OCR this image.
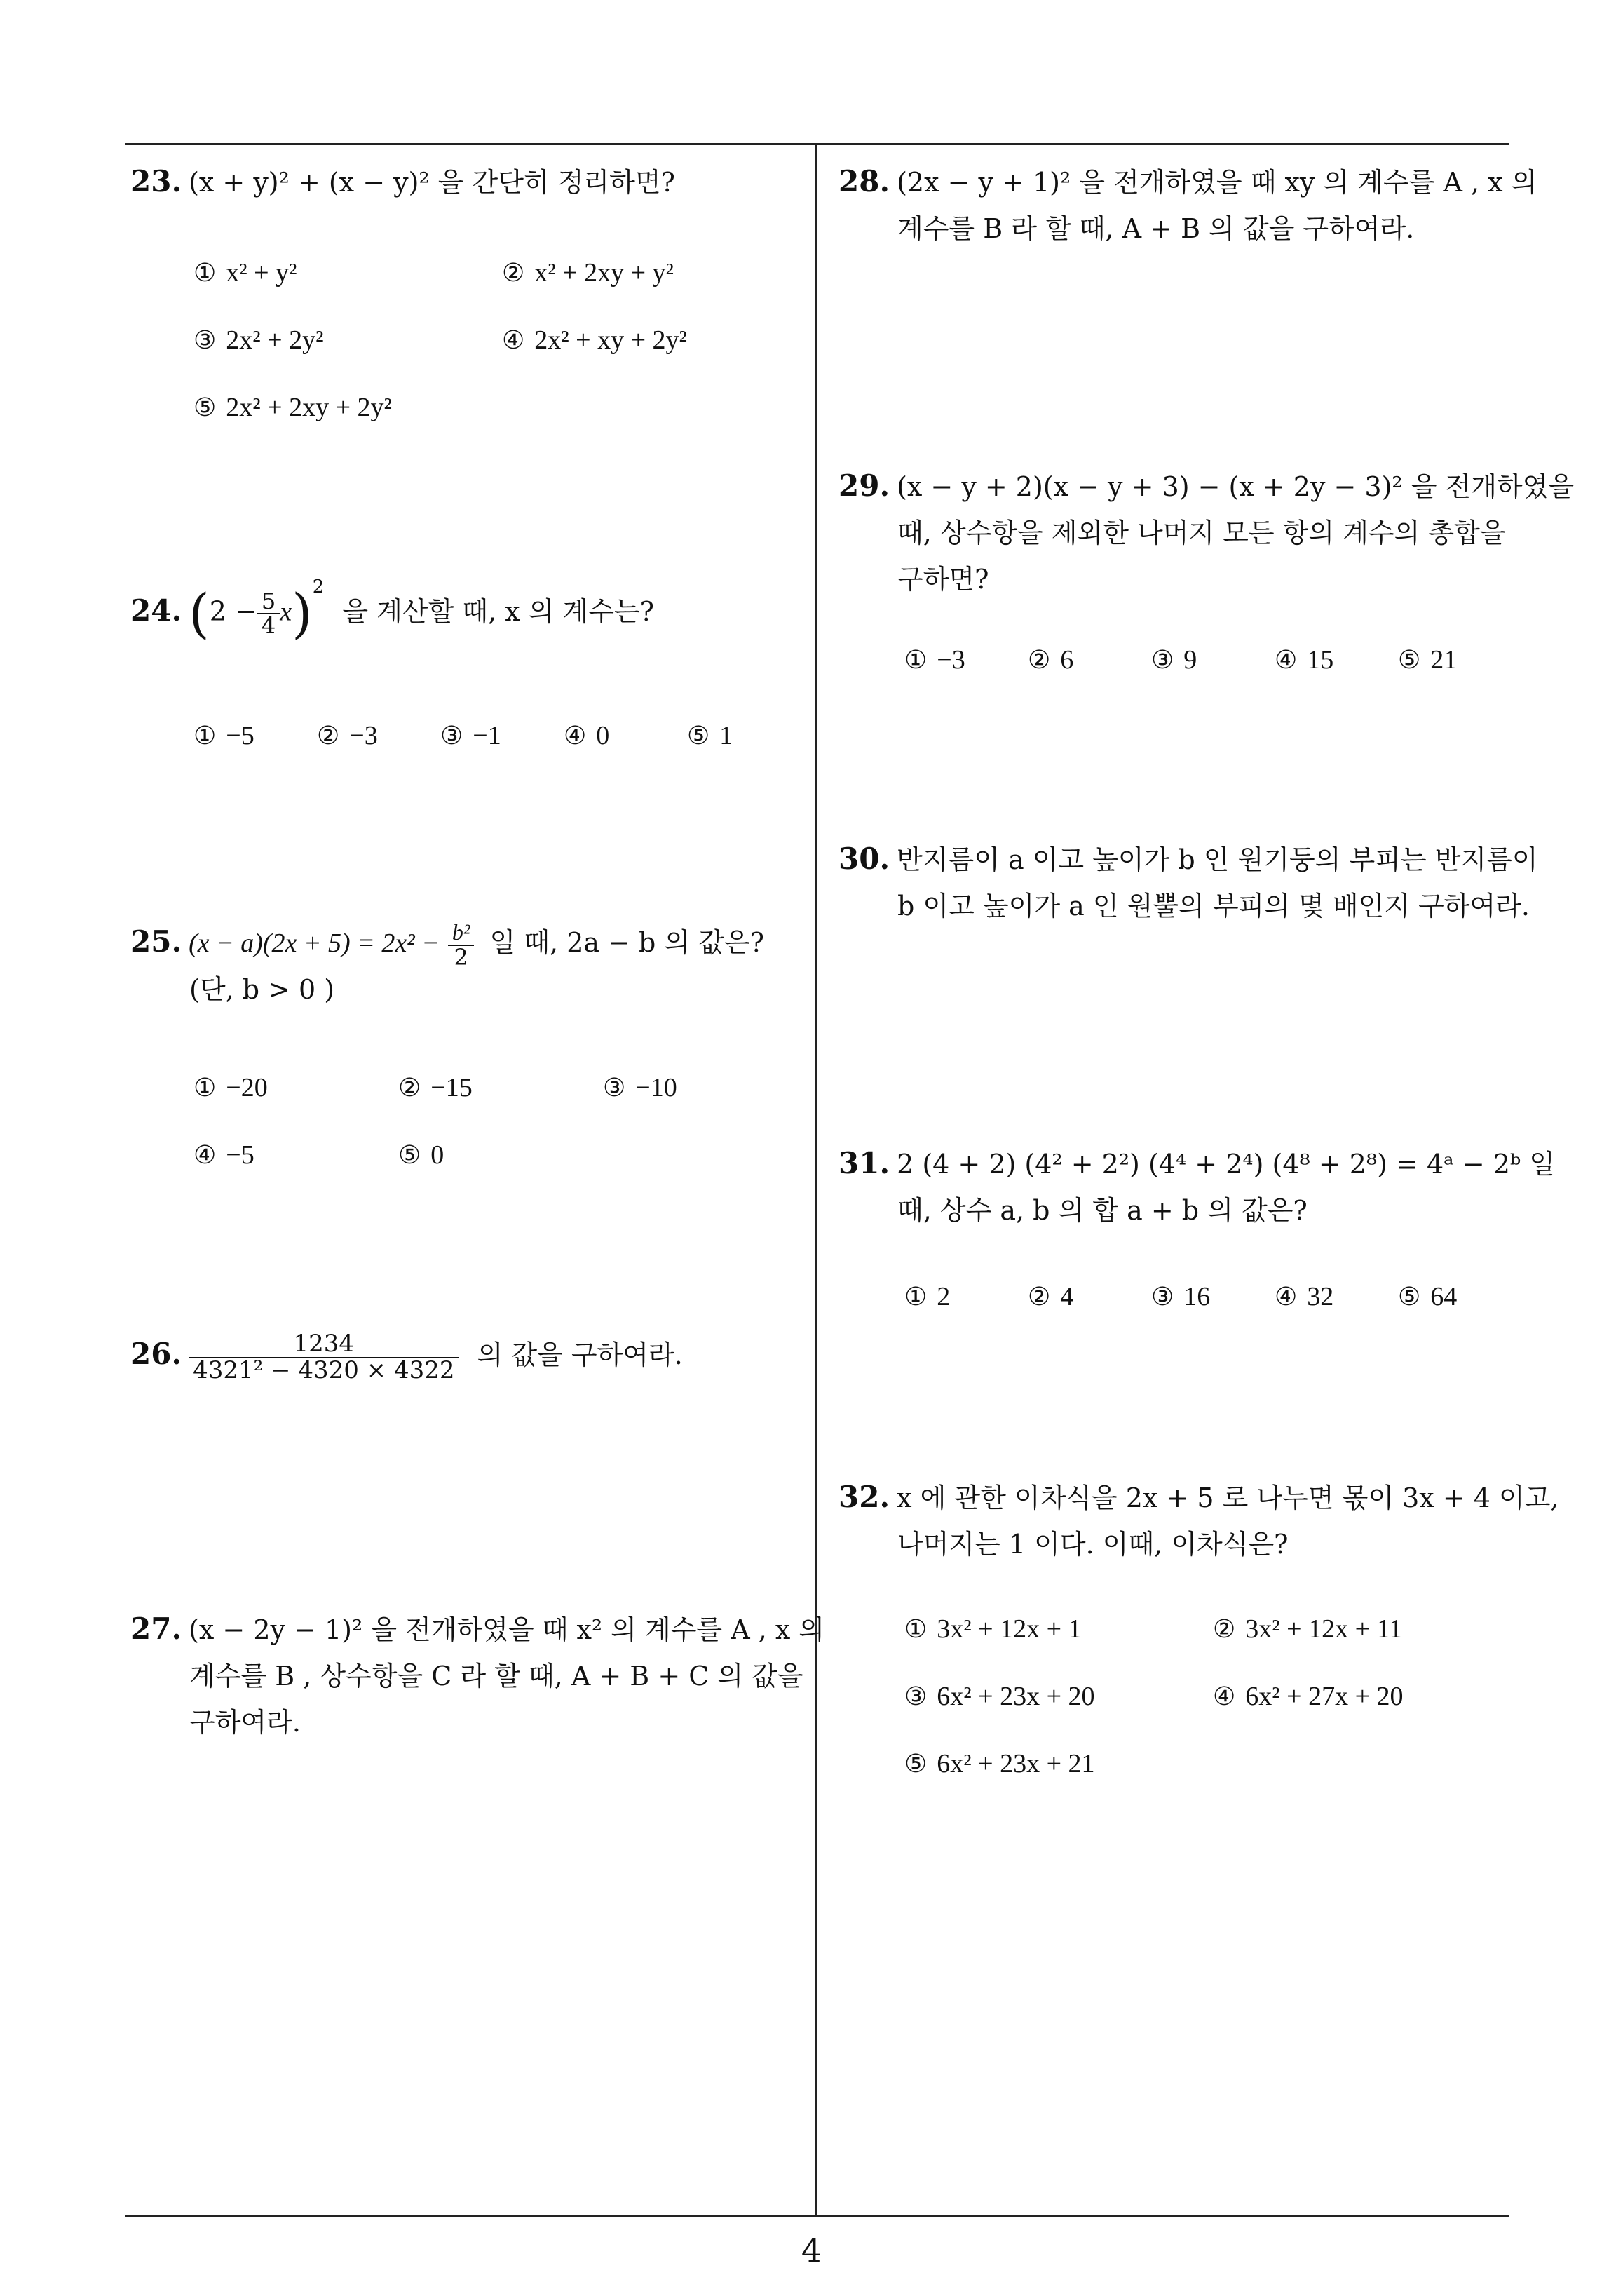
23. (x + y)² + (x − y)² 을 간단히 정리하면?
① x² + y²	② x² + 2xy + y²
③ 2x² + 2y²	④ 2x² + xy + 2y²
⑤ 2x² + 2xy + 2y²
24. $(2 - \frac{5}{4} x)^2$ 을 계산할 때, x 의 계수는?
① −5 ② −3 ③ −1 ④ 0	⑤ 1
25. $(x - a)(2x + 5) = 2x^2 - \frac{\text{b²}}{2}$ 일 때, 2a − b 의 값은?
(단, b > 0 )
① −20	② −15	③ −10
④ −5	⑤ 0
26. $\frac{1234}{\text{4321² − 4320 × 4322}}$ 의 값을 구하여라.
27. (x − 2y − 1)² 을 전개하였을 때 x² 의 계수를 A , x 의
계수를 B , 상수항을 C 라 할 때, A + B + C 의 값을
구하여라.
28. (2x − y + 1)² 을 전개하였을 때 xy 의 계수를 A , x 의
계수를 B 라 할 때, A + B 의 값을 구하여라.
29. (x − y + 2)(x − y + 3) − (x + 2y − 3)² 을 전개하였을
때, 상수항을 제외한 나머지 모든 항의 계수의 총합을
구하면?
① −3 ② 6	③ 9	④ 15	⑤ 21
30. 반지름이 a 이고 높이가 b 인 원기둥의 부피는 반지름이
b 이고 높이가 a 인 원뿔의 부피의 몇 배인지 구하여라.
31. 2 (4 + 2) (4² + 2²) (4⁴ + 2⁴) (4⁸ + 2⁸) = 4ᵃ − 2ᵇ 일
때, 상수 a, b 의 합 a + b 의 값은?
① 2	② 4	③ 16	④ 32	⑤ 64
32. x 에 관한 이차식을 2x + 5 로 나누면 몫이 3x + 4 이고,
나머지는 1 이다. 이때, 이차식은?
① 3x² + 12x + 1	② 3x² + 12x + 11
③ 6x² + 23x + 20	④ 6x² + 27x + 20
⑤ 6x² + 23x + 21
4
